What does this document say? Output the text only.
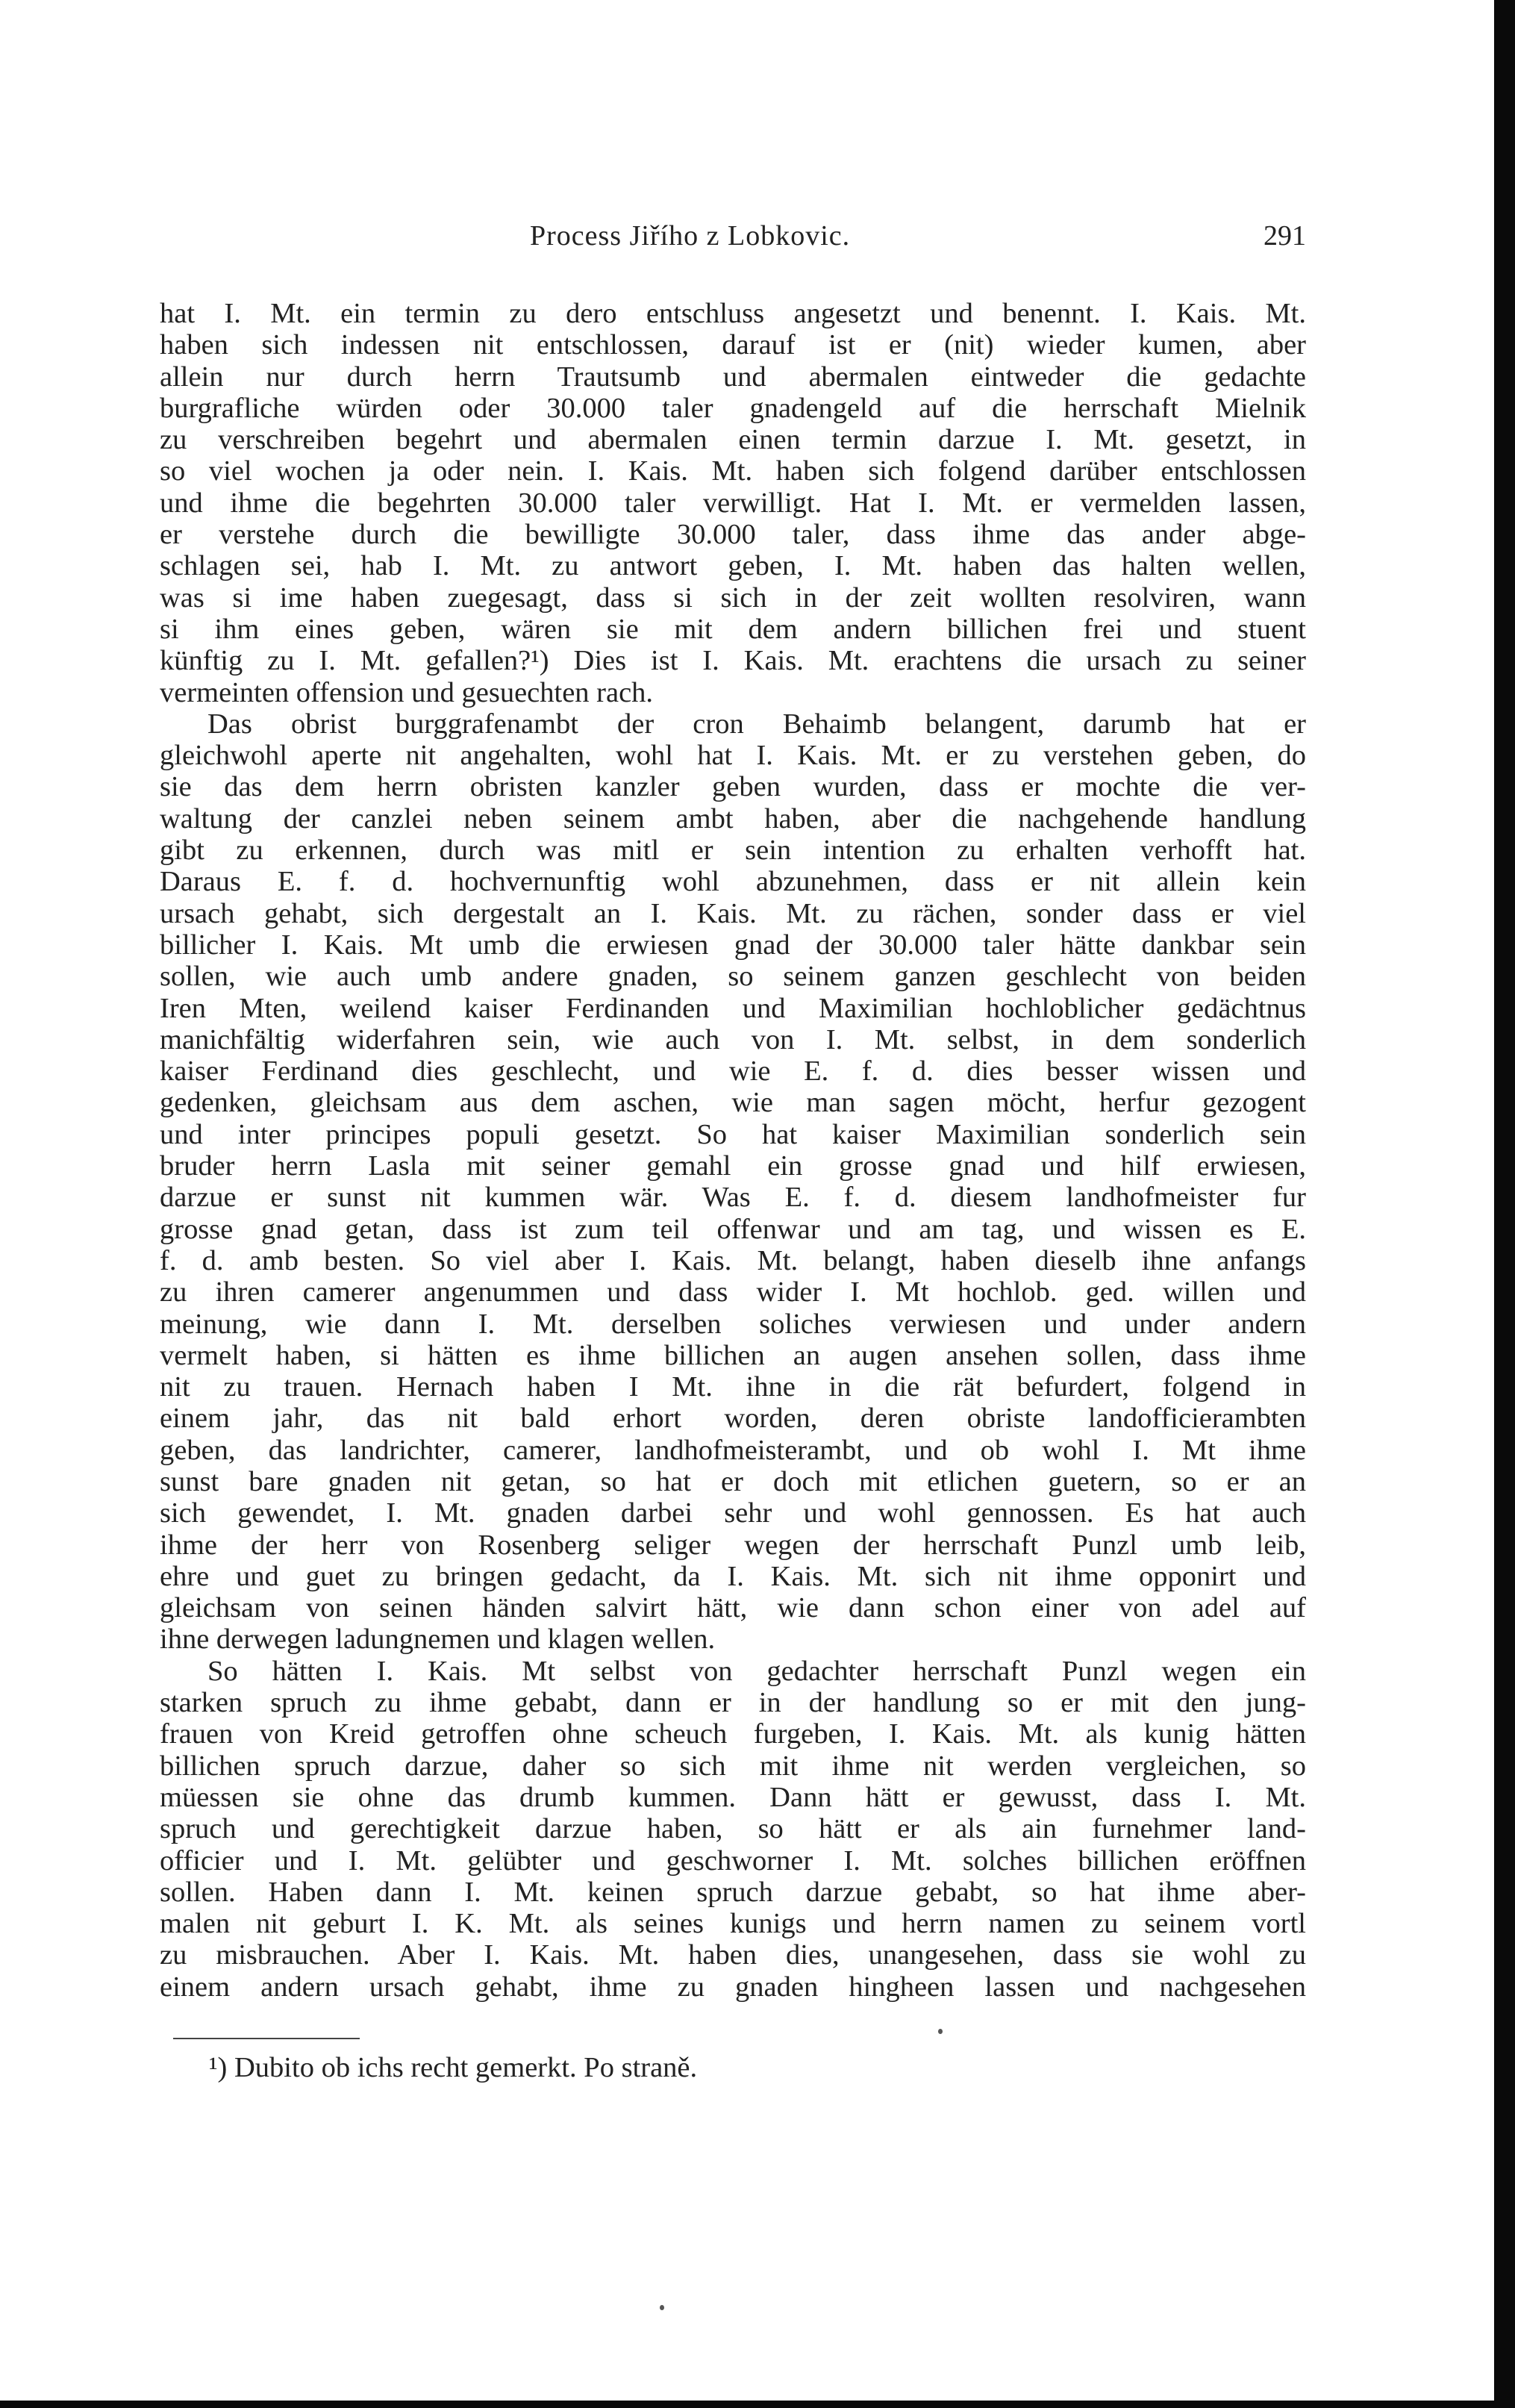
Process Jiřího z Lobkovic.	291
hat I. Mt. ein termin zu dero entschluss angesetzt und benennt. I. Kais. Mt.
haben sich indessen nit entschlossen, darauf ist er (nit) wieder kumen, aber
allein nur durch herrn Trautsumb und abermalen eintweder die gedachte
burgrafliche würden oder 30.000 taler gnadengeld auf die herrschaft Mielnik
zu verschreiben begehrt und abermalen einen termin darzue I. Mt. gesetzt, in
so viel wochen ja oder nein. I. Kais. Mt. haben sich folgend darüber entschlossen
und ihme die begehrten 30.000 taler verwilligt. Hat I. Mt. er vermelden lassen,
er verstehe durch die bewilligte 30.000 taler, dass ihme das ander abge-
schlagen sei, hab I. Mt. zu antwort geben, I. Mt. haben das halten wellen,
was si ime haben zuegesagt, dass si sich in der zeit wollten resolviren, wann
si ihm eines geben, wären sie mit dem andern billichen frei und stuent
künftig zu I. Mt. gefallen?¹) Dies ist I. Kais. Mt. erachtens die ursach zu seiner
vermeinten offension und gesuechten rach.
Das obrist burggrafenambt der cron Behaimb belangent, darumb hat er
gleichwohl aperte nit angehalten, wohl hat I. Kais. Mt. er zu verstehen geben, do
sie das dem herrn obristen kanzler geben wurden, dass er mochte die ver-
waltung der canzlei neben seinem ambt haben, aber die nachgehende handlung
gibt zu erkennen, durch was mitl er sein intention zu erhalten verhofft hat.
Daraus E. f. d. hochvernunftig wohl abzunehmen, dass er nit allein kein
ursach gehabt, sich dergestalt an I. Kais. Mt. zu rächen, sonder dass er viel
billicher I. Kais. Mt umb die erwiesen gnad der 30.000 taler hätte dankbar sein
sollen, wie auch umb andere gnaden, so seinem ganzen geschlecht von beiden
Iren Mten, weilend kaiser Ferdinanden und Maximilian hochloblicher gedächtnus
manichfältig widerfahren sein, wie auch von I. Mt. selbst, in dem sonderlich
kaiser Ferdinand dies geschlecht, und wie E. f. d. dies besser wissen und
gedenken, gleichsam aus dem aschen, wie man sagen möcht, herfur gezogent
und inter principes populi gesetzt. So hat kaiser Maximilian sonderlich sein
bruder herrn Lasla mit seiner gemahl ein grosse gnad und hilf erwiesen,
darzue er sunst nit kummen wär. Was E. f. d. diesem landhofmeister fur
grosse gnad getan, dass ist zum teil offenwar und am tag, und wissen es E.
f. d. amb besten. So viel aber I. Kais. Mt. belangt, haben dieselb ihne anfangs
zu ihren camerer angenummen und dass wider I. Mt hochlob. ged. willen und
meinung, wie dann I. Mt. derselben soliches verwiesen und under andern
vermelt haben, si hätten es ihme billichen an augen ansehen sollen, dass ihme
nit zu trauen. Hernach haben I Mt. ihne in die rät befurdert, folgend in
einem jahr, das nit bald erhort worden, deren obriste landofficierambten
geben, das landrichter, camerer, landhofmeisterambt, und ob wohl I. Mt ihme
sunst bare gnaden nit getan, so hat er doch mit etlichen guetern, so er an
sich gewendet, I. Mt. gnaden darbei sehr und wohl gennossen. Es hat auch
ihme der herr von Rosenberg seliger wegen der herrschaft Punzl umb leib,
ehre und guet zu bringen gedacht, da I. Kais. Mt. sich nit ihme opponirt und
gleichsam von seinen händen salvirt hätt, wie dann schon einer von adel auf
ihne derwegen ladungnemen und klagen wellen.
So hätten I. Kais. Mt selbst von gedachter herrschaft Punzl wegen ein
starken spruch zu ihme gebabt, dann er in der handlung so er mit den jung-
frauen von Kreid getroffen ohne scheuch furgeben, I. Kais. Mt. als kunig hätten
billichen spruch darzue, daher so sich mit ihme nit werden vergleichen, so
müessen sie ohne das drumb kummen. Dann hätt er gewusst, dass I. Mt.
spruch und gerechtigkeit darzue haben, so hätt er als ain furnehmer land-
officier und I. Mt. gelübter und geschworner I. Mt. solches billichen eröffnen
sollen. Haben dann I. Mt. keinen spruch darzue gebabt, so hat ihme aber-
malen nit geburt I. K. Mt. als seines kunigs und herrn namen zu seinem vortl
zu misbrauchen. Aber I. Kais. Mt. haben dies, unangesehen, dass sie wohl zu
einem andern ursach gehabt, ihme zu gnaden hingheen lassen und nachgesehen
¹) Dubito ob ichs recht gemerkt. Po straně.
